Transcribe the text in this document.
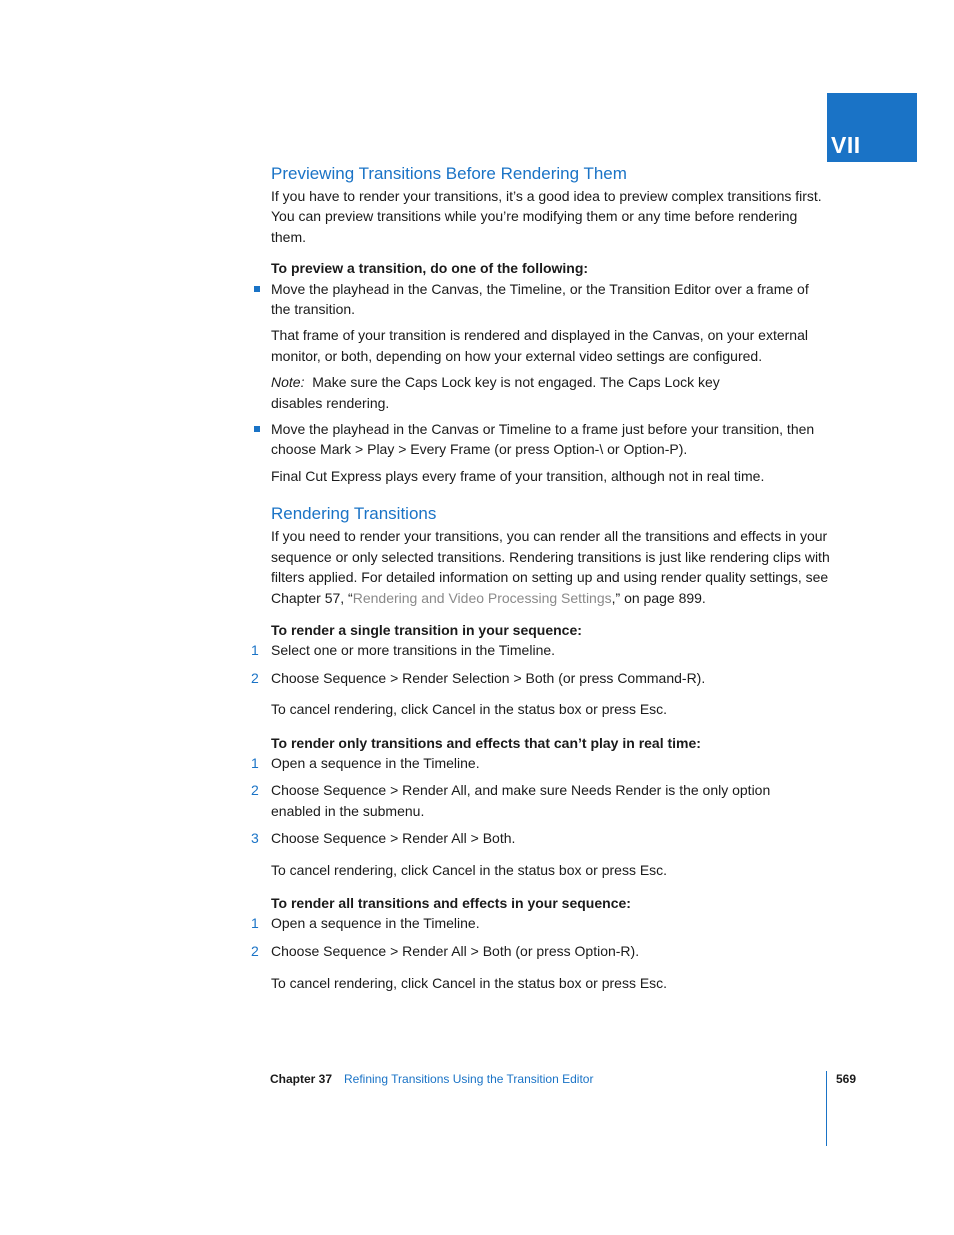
VII
Previewing Transitions Before Rendering Them

If you have to render your transitions, it’s a good idea to preview complex transitions first. You can preview transitions while you’re modifying them or any time before rendering them.

To preview a transition, do one of the following:

Move the playhead in the Canvas, the Timeline, or the Transition Editor over a frame of the transition.

That frame of your transition is rendered and displayed in the Canvas, on your external monitor, or both, depending on how your external video settings are configured.

Note: Make sure the Caps Lock key is not engaged. The Caps Lock key disables rendering.

Move the playhead in the Canvas or Timeline to a frame just before your transition, then choose Mark > Play > Every Frame (or press Option-\ or Option-P).

Final Cut Express plays every frame of your transition, although not in real time.

Rendering Transitions

If you need to render your transitions, you can render all the transitions and effects in your sequence or only selected transitions. Rendering transitions is just like rendering clips with filters applied. For detailed information on setting up and using render quality settings, see Chapter 57, “Rendering and Video Processing Settings,” on page 899.

To render a single transition in your sequence:

1 Select one or more transitions in the Timeline.

2 Choose Sequence > Render Selection > Both (or press Command-R).

To cancel rendering, click Cancel in the status box or press Esc.

To render only transitions and effects that can’t play in real time:

1 Open a sequence in the Timeline.

2 Choose Sequence > Render All, and make sure Needs Render is the only option enabled in the submenu.

3 Choose Sequence > Render All > Both.

To cancel rendering, click Cancel in the status box or press Esc.

To render all transitions and effects in your sequence:

1 Open a sequence in the Timeline.

2 Choose Sequence > Render All > Both (or press Option-R).

To cancel rendering, click Cancel in the status box or press Esc.

Chapter 37 Refining Transitions Using the Transition Editor	569
